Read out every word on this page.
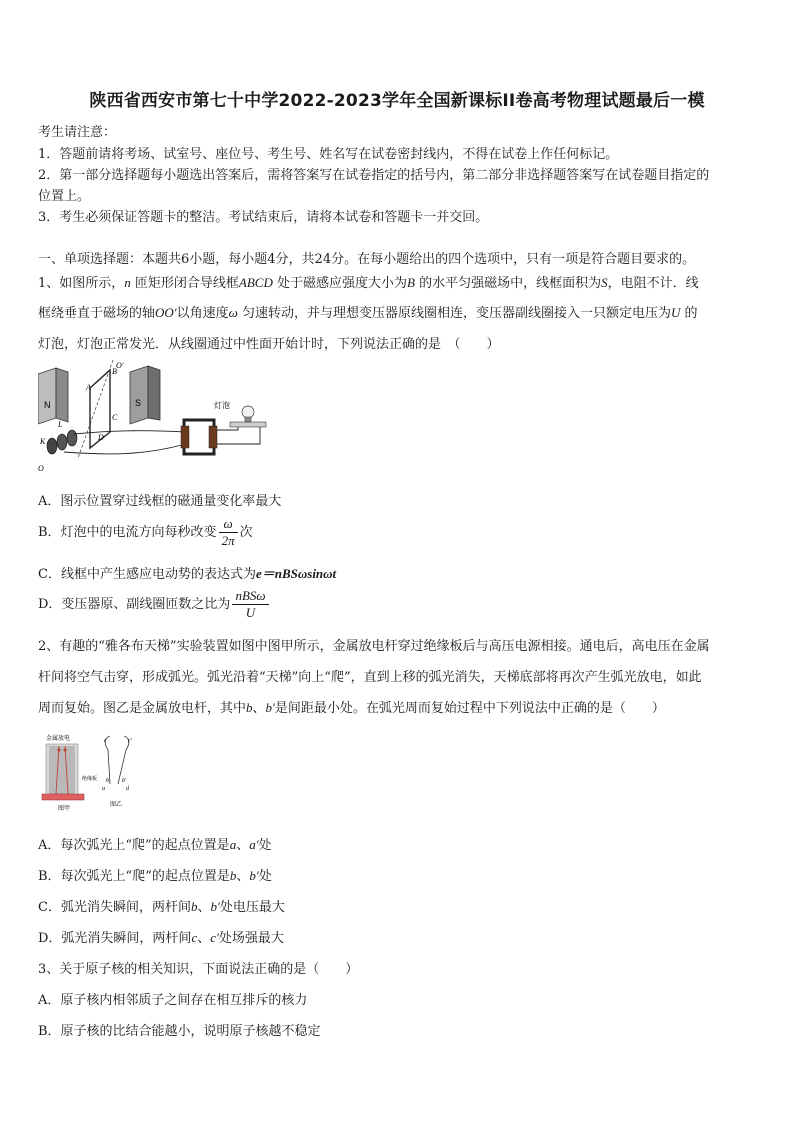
陕西省西安市第七十中学2022-2023学年全国新课标II卷高考物理试题最后一模
考生请注意：
1．答题前请将考场、试室号、座位号、考生号、姓名写在试卷密封线内，不得在试卷上作任何标记。
2．第一部分选择题每小题选出答案后，需将答案写在试卷指定的括号内，第二部分非选择题答案写在试卷题目指定的
位置上。
3．考生必须保证答题卡的整洁。考试结束后，请将本试卷和答题卡一并交回。
一、单项选择题：本题共6小题，每小题4分，共24分。在每小题给出的四个选项中，只有一项是符合题目要求的。
1、如图所示，n 匝矩形闭合导线框ABCD 处于磁感应强度大小为B 的水平匀强磁场中，线框面积为S，电阻不计．线
框绕垂直于磁场的轴OO′以角速度ω 匀速转动，并与理想变压器原线圈相连，变压器副线圈接入一只额定电压为U 的
灯泡，灯泡正常发光．从线圈通过中性面开始计时，下列说法正确的是　（　　）
N	S
A
B
C
D
O′
L
K
O
灯泡
A．图示位置穿过线框的磁通量变化率最大
B．灯泡中的电流方向每秒改变 $\frac{\omega}{2\pi}$ 次
C．线框中产生感应电动势的表达式为e＝nBSωsinωt
D．变压器原、副线圈匝数之比为 $\frac{\text{nBSω}}{U}$
2、有趣的“雅各布天梯”实验装置如图中图甲所示，金属放电杆穿过绝缘板后与高压电源相接。通电后，高电压在金属
杆间将空气击穿，形成弧光。弧光沿着“天梯”向上“爬”，直到上移的弧光消失，天梯底部将再次产生弧光放电，如此
周而复始。图乙是金属放电杆，其中b、b′是间距最小处。在弧光周而复始过程中下列说法中正确的是（　　）
金属放电
图甲
绝缘板
c	c′
b b′
a	d
图乙
A．每次弧光上“爬”的起点位置是a、a′处
B．每次弧光上“爬”的起点位置是b、b′处
C．弧光消失瞬间，两杆间b、b′处电压最大
D．弧光消失瞬间，两杆间c、c′处场强最大
3、关于原子核的相关知识，下面说法正确的是（　　）
A．原子核内相邻质子之间存在相互排斥的核力
B．原子核的比结合能越小，说明原子核越不稳定
